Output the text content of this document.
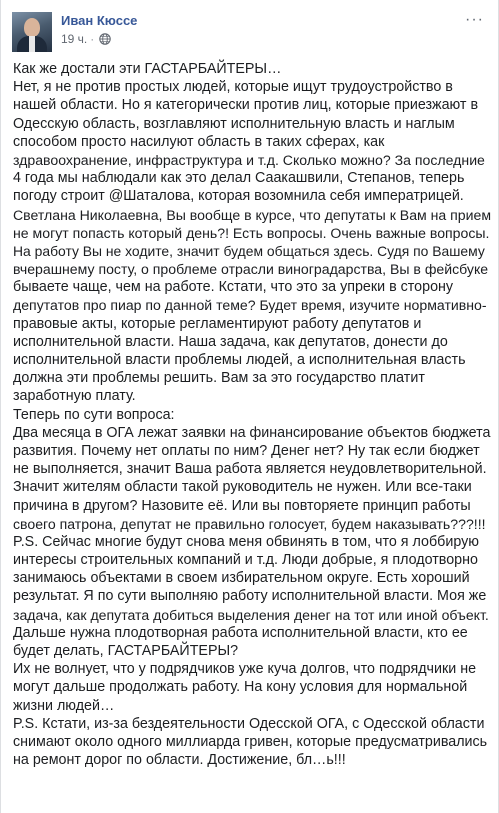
Иван Кюссе
19 ч. ·
···
Как же достали эти ГАСТАРБАЙТЕРЫ…
Нет, я не против простых людей, которые ищут трудоустройство в
нашей области. Но я категорически против лиц, которые приезжают в
Одесскую область, возглавляют исполнительную власть и наглым
способом просто насилуют область в таких сферах, как
здравоохранение, инфраструктура и т.д. Сколько можно? За последние
4 года мы наблюдали как это делал Саакашвили, Степанов, теперь
погоду строит @Шаталова, которая возомнила себя императрицей.
Светлана Николаевна, Вы вообще в курсе, что депутаты к Вам на прием
не могут попасть который день?! Есть вопросы. Очень важные вопросы.
На работу Вы не ходите, значит будем общаться здесь. Судя по Вашему
вчерашнему посту, о проблеме отрасли виноградарства, Вы в фейсбуке
бываете чаще, чем на работе. Кстати, что это за упреки в сторону
депутатов про пиар по данной теме? Будет время, изучите нормативно-
правовые акты, которые регламентируют работу депутатов и
исполнительной власти. Наша задача, как депутатов, донести до
исполнительной власти проблемы людей, а исполнительная власть
должна эти проблемы решить. Вам за это государство платит
заработную плату.
Теперь по сути вопроса:
Два месяца в ОГА лежат заявки на финансирование объектов бюджета
развития. Почему нет оплаты по ним? Денег нет? Ну так если бюджет
не выполняется, значит Ваша работа является неудовлетворительной.
Значит жителям области такой руководитель не нужен. Или все-таки
причина в другом? Назовите её. Или вы повторяете принцип работы
своего патрона, депутат не правильно голосует, будем наказывать???!!!
P.S. Сейчас многие будут снова меня обвинять в том, что я лоббирую
интересы строительных компаний и т.д. Люди добрые, я плодотворно
занимаюсь объектами в своем избирательном округе. Есть хороший
результат. Я по сути выполняю работу исполнительной власти. Моя же
задача, как депутата добиться выделения денег на тот или иной объект.
Дальше нужна плодотворная работа исполнительной власти, кто ее
будет делать, ГАСТАРБАЙТЕРЫ?
Их не волнует, что у подрядчиков уже куча долгов, что подрядчики не
могут дальше продолжать работу. На кону условия для нормальной
жизни людей…
P.S. Кстати, из-за бездеятельности Одесской ОГА, с Одесской области
снимают около одного миллиарда гривен, которые предусматривались
на ремонт дорог по области. Достижение, бл…ь!!!
